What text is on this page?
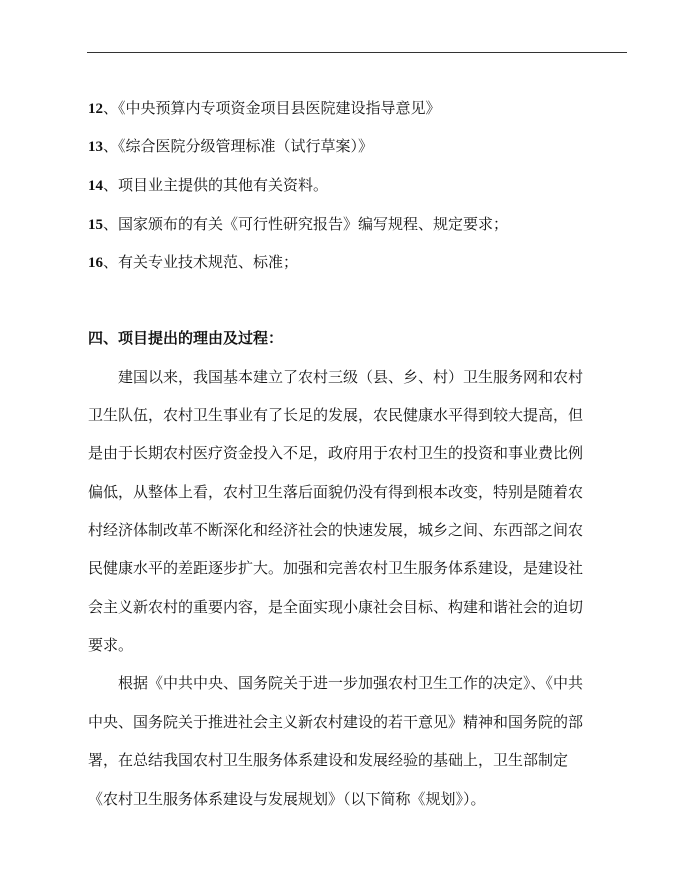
12、《中央预算内专项资金项目县医院建设指导意见》
13、《综合医院分级管理标准（试行草案）》
14、项目业主提供的其他有关资料。
15、国家颁布的有关《可行性研究报告》编写规程、规定要求；
16、有关专业技术规范、标准；
四、项目提出的理由及过程：
建国以来，我国基本建立了农村三级（县、乡、村）卫生服务网和农村
卫生队伍，农村卫生事业有了长足的发展，农民健康水平得到较大提高，但
是由于长期农村医疗资金投入不足，政府用于农村卫生的投资和事业费比例
偏低，从整体上看，农村卫生落后面貌仍没有得到根本改变，特别是随着农
村经济体制改革不断深化和经济社会的快速发展，城乡之间、东西部之间农
民健康水平的差距逐步扩大。加强和完善农村卫生服务体系建设，是建设社
会主义新农村的重要内容，是全面实现小康社会目标、构建和谐社会的迫切
要求。
根据《中共中央、国务院关于进一步加强农村卫生工作的决定》、《中共
中央、国务院关于推进社会主义新农村建设的若干意见》精神和国务院的部
署，在总结我国农村卫生服务体系建设和发展经验的基础上，卫生部制定
《农村卫生服务体系建设与发展规划》（以下简称《规划》）。
